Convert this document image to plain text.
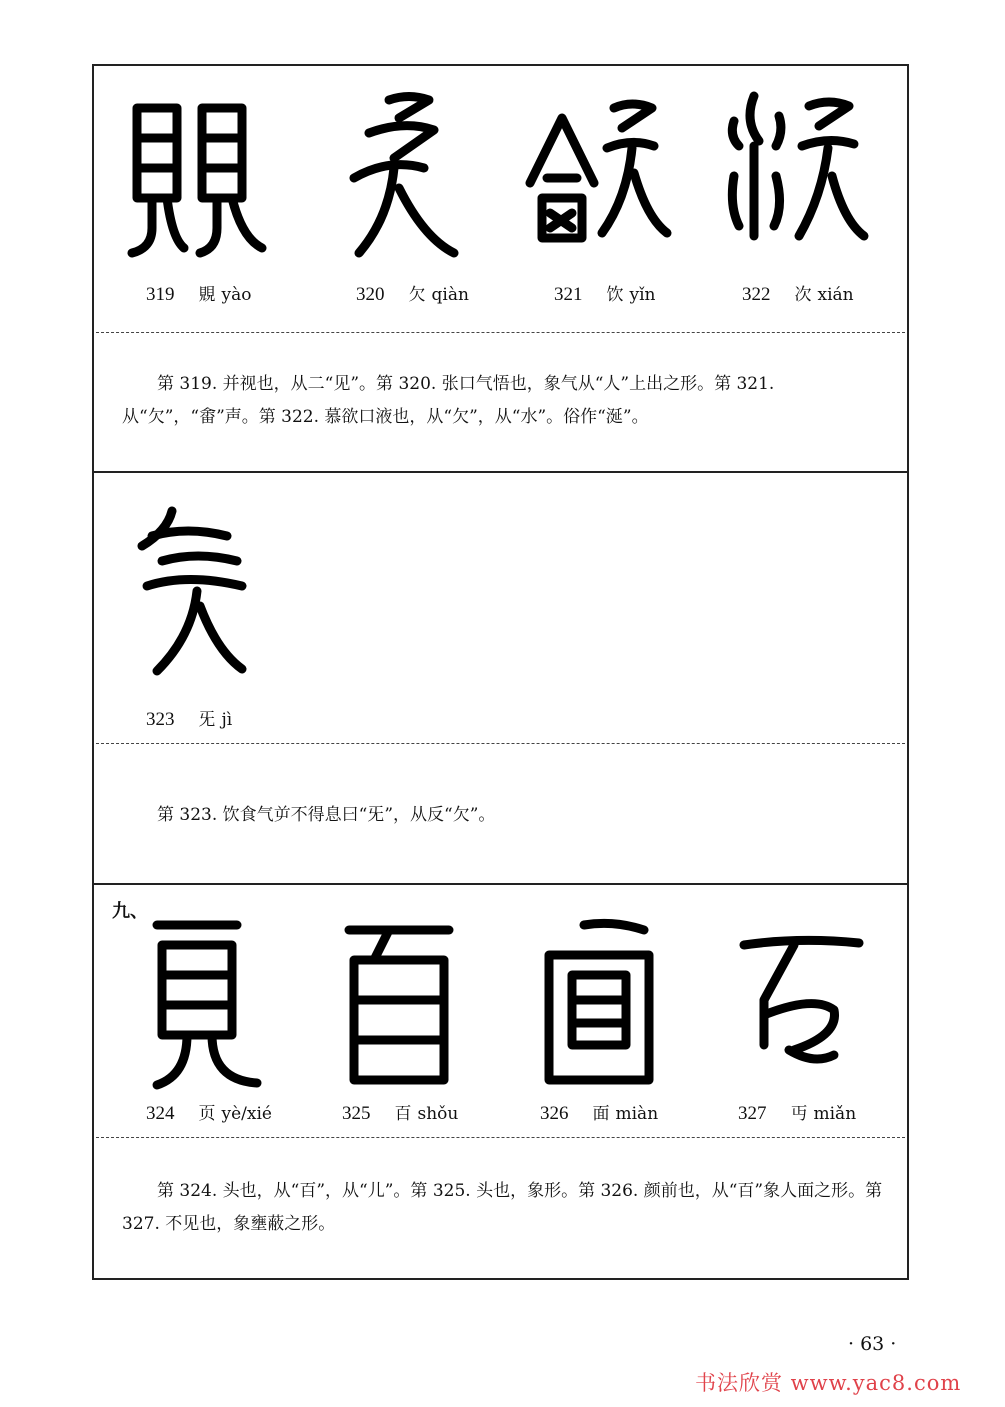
319 覞 yào	320 欠 qiàn	321 饮 yǐn	322 次 xián
第 319. 并视也，从二“见”。第 320. 张口气悟也，象气从“人”上出之形。第 321. 从“欠”，“畬”声。第 322. 慕欲口液也，从“欠”，从“水”。俗作“涎”。
323 旡 jì
第 323. 饮食气屰不得息曰“旡”，从反“欠”。
九、
324 页 yè/xié	325 百 shǒu	326 面 miàn	327 丏 miǎn
第 324. 头也，从“百”，从“儿”。第 325. 头也，象形。第 326. 颜前也，从“百”象人面之形。第 327. 不见也，象壅蔽之形。
· 63 ·
书法欣赏 www.yac8.com
